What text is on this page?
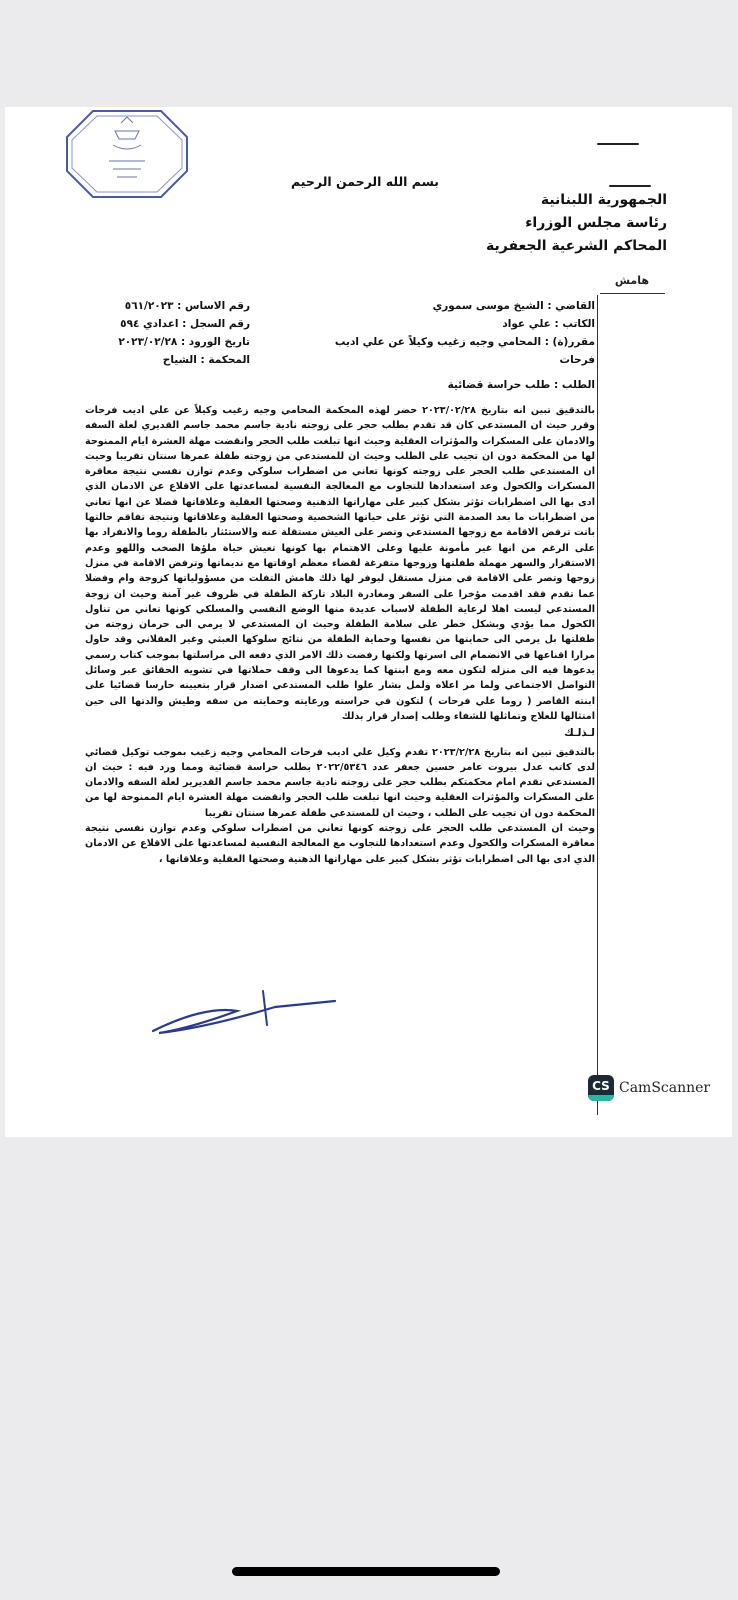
بسم الله الرحمن الرحيم
الجمهورية اللبنانية
رئاسة مجلس الوزراء
المحاكم الشرعية الجعفرية
هامش
القاضي : الشيخ موسى سموري
الكاتب : علي عواد
مقرر(ة) : المحامي وجيه زغيب وكيلاً عن علي اديب فرحات
رقم الاساس : ٥٦١/٢٠٢٣
رقم السجل : اعدادي ٥٩٤
تاريخ الورود : ٢٠٢٣/٠٢/٢٨
المحكمة : الشياح
الطلب : طلب حراسة قضائية

بالتدقيق تبين انه بتاريخ ٢٠٢٣/٠٢/٢٨ حضر لهذه المحكمة المحامي وجيه زغيب وكيلاً عن علي اديب فرحات وقرر حيث ان المستدعي كان قد تقدم بطلب حجر على زوجته نادية جاسم محمد جاسم القديري لعلة السفه والادمان على المسكرات والمؤثرات العقلية وحيث انها تبلغت طلب الحجر وانقضت مهلة العشرة ايام الممنوحة لها من المحكمة دون ان تجيب على الطلب وحيث ان للمستدعي من زوجته طفلة عمرها سنتان تقريبا وحيث ان المستدعي طلب الحجر على زوجته كونها تعاني من اضطراب سلوكي وعدم توازن نفسي نتيجة معاقرة المسكرات والكحول وعد استعدادها للتجاوب مع المعالجة النفسية لمساعدتها على الاقلاع عن الادمان الذي ادى بها الى اضطرابات تؤثر بشكل كبير على مهاراتها الذهنية وصحتها العقلية وعلاقاتها فضلا عن انها تعاني من اضطرابات ما بعد الصدمة التي تؤثر على حياتها الشخصية وصحتها العقلية وعلاقاتها ونتيجة تفاقم حالتها باتت ترفض الاقامة مع زوجها المستدعي وتصر على العيش مستقلة عنه والاستئثار بالطفلة روما والانفراد بها على الرغم من انها غير مأمونة عليها وعلى الاهتمام بها كونها تعيش حياة ملؤها الصخب واللهو وعدم الاستقرار والسهر مهملة طفلتها وزوجها متفرغة لقضاء معظم اوقاتها مع نديماتها وترفض الاقامة في منزل زوجها وتصر على الاقامة في منزل مستقل ليوفر لها ذلك هامش التفلت من مسؤولياتها كزوجة وام وفضلا عما تقدم فقد اقدمت مؤخرا على السفر ومغادرة البلاد تاركة الطفلة في ظروف غير آمنة وحيث ان زوجة المستدعي ليست اهلا لرعاية الطفلة لاسباب عديدة منها الوضع النفسي والمسلكي كونها تعاني من تناول الكحول مما يؤدي وبشكل خطر على سلامة الطفلة وحيث ان المستدعي لا يرمي الى حرمان زوجته من طفلتها بل يرمي الى حمايتها من نفسها وحماية الطفلة من نتائج سلوكها العبثي وغير العقلاني وقد حاول مرارا اقناعها في الانضمام الى اسرتها ولكنها رفضت ذلك الامر الذي دفعه الى مراسلتها بموجب كتاب رسمي يدعوها فيه الى منزله لتكون معه ومع ابنتها كما يدعوها الى وقف حملاتها في تشويه الحقائق عبر وسائل التواصل الاجتماعي ولما مر اعلاه ولمل بشار علوا طلب المستدعي اصدار قرار بتعيينه حارسا قضائيا على ابنته القاصر ( روما علي فرحات ) لتكون في حراسته ورعايته وحمايته من سفه وطيش والدتها الى حين امتثالها للعلاج وتماثلها للشفاء وطلب إصدار قرار بذلك

لـذلـك

بالتدقيق تبين انه بتاريخ ٢٠٢٣/٢/٢٨ تقدم وكيل علي اديب فرحات المحامي وجيه زغيب بموجب توكيل قضائي لدى كاتب عدل بيروت عامر حسين جعفر عدد ٢٠٢٢/٥٣٤٦ بطلب حراسة قضائية ومما ورد فيه : حيث ان المستدعي تقدم امام محكمتكم بطلب حجر على زوجته نادية جاسم محمد جاسم القديرير لعلة السفه والادمان على المسكرات والمؤثرات العقلية وحيث انها تبلغت طلب الحجر وانقضت مهلة العشرة ايام الممنوحة لها من المحكمة دون ان تجيب على الطلب ، وحيث ان للمستدعي طفلة عمرها سنتان تقريبا

وحيث ان المستدعي طلب الحجر على زوجته كونها تعاني من اضطراب سلوكي وعدم توازن نفسي نتيجة معاقرة المسكرات والكحول وعدم استعدادها للتجاوب مع المعالجة النفسية لمساعدتها على الاقلاع عن الادمان الذي ادى بها الى اضطرابات تؤثر بشكل كبير على مهاراتها الذهنية وصحتها العقلية وعلاقاتها ،

CS CamScanner
